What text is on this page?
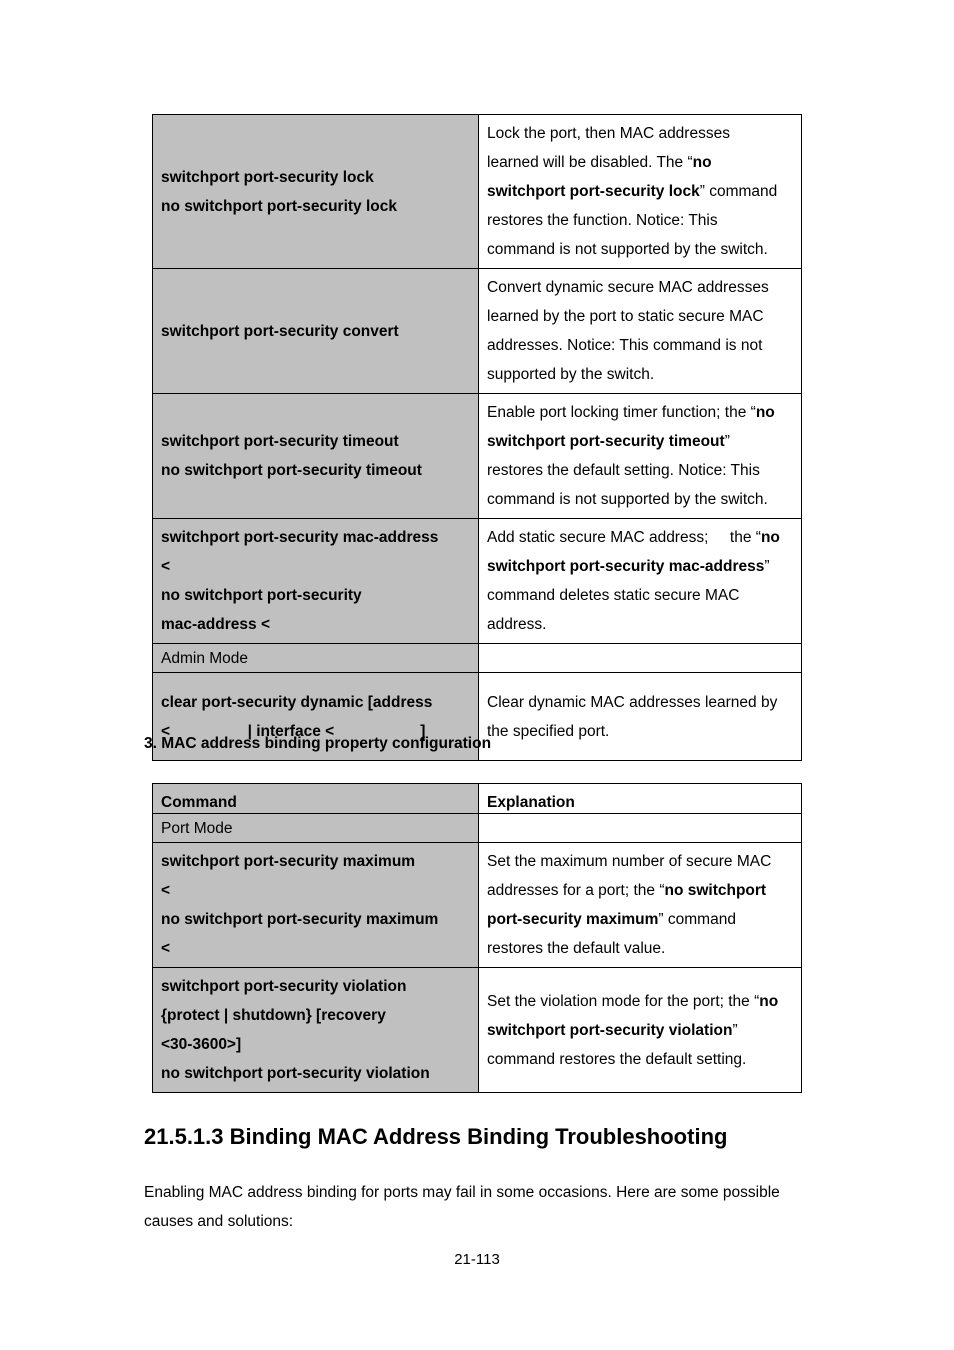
switchport port-security lock
no switchport port-security lock	Lock the port, then MAC addresses
learned will be disabled. The “no
switchport port-security lock” command
restores the function. Notice: This
command is not supported by the switch.

switchport port-security convert	Convert dynamic secure MAC addresses
learned by the port to static secure MAC
addresses. Notice: This command is not
supported by the switch.

switchport port-security timeout
no switchport port-security timeout	Enable port locking timer function; the “no
switchport port-security timeout”
restores the default setting. Notice: This
command is not supported by the switch.

switchport port-security mac-address
<
no switchport port-security
mac-address <	Add static secure MAC address;     the “no
switchport port-security mac-address”
command deletes static secure MAC
address.

Admin Mode	

clear port-security dynamic [address
<                  | interface <                    ]	Clear dynamic MAC addresses learned by
the specified port.
3. MAC address binding property configuration
Command	Explanation

Port Mode	

switchport port-security maximum
<
no switchport port-security maximum
<	Set the maximum number of secure MAC
addresses for a port; the “no switchport
port-security maximum” command
restores the default value.

switchport port-security violation
{protect | shutdown} [recovery
<30-3600>]
no switchport port-security violation	Set the violation mode for the port; the “no
switchport port-security violation”
command restores the default setting.
21.5.1.3 Binding MAC Address Binding Troubleshooting
Enabling MAC address binding for ports may fail in some occasions. Here are some possible
causes and solutions:
21-113
